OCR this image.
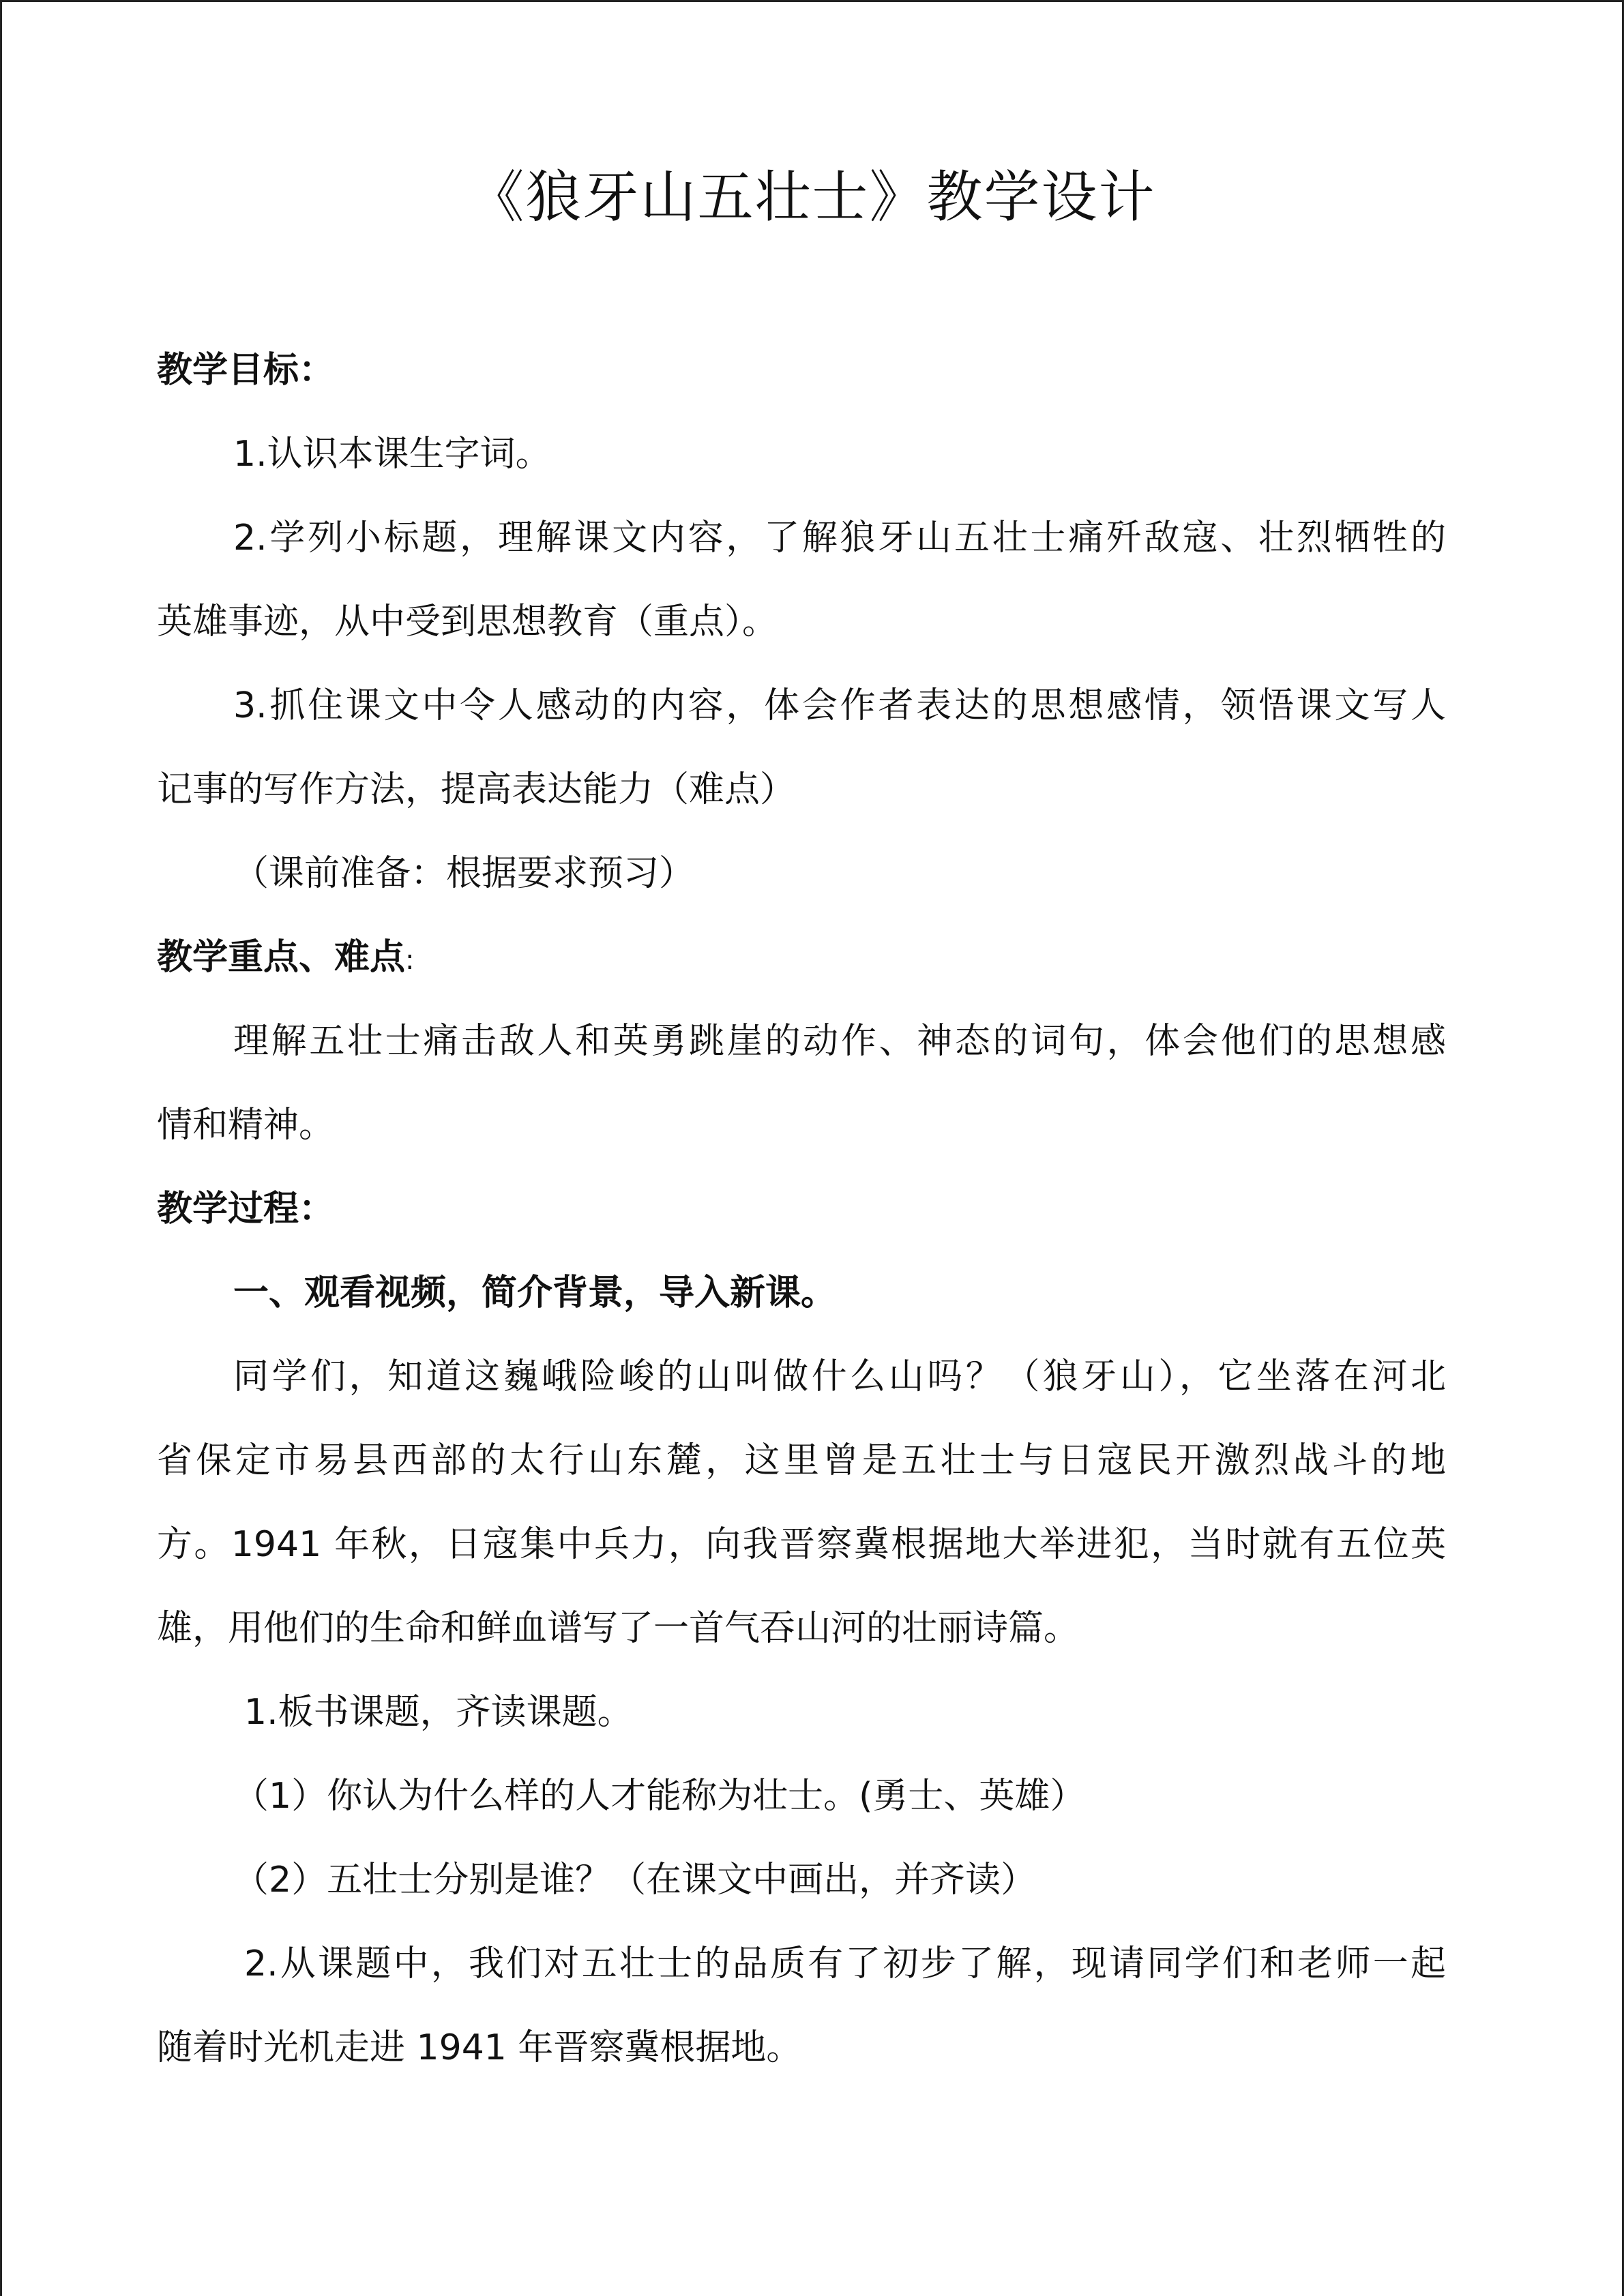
《狼牙山五壮士》教学设计
教学目标：
1.认识本课生字词。
2.学列小标题，理解课文内容，了解狼牙山五壮士痛歼敌寇、壮烈牺牲的
英雄事迹，从中受到思想教育（重点）。
3.抓住课文中令人感动的内容，体会作者表达的思想感情，领悟课文写人
记事的写作方法，提高表达能力（难点）
（课前准备：根据要求预习）
教学重点、难点:
理解五壮士痛击敌人和英勇跳崖的动作、神态的词句，体会他们的思想感
情和精神。
教学过程：
一、观看视频，简介背景，导入新课。
同学们，知道这巍峨险峻的山叫做什么山吗？（狼牙山），它坐落在河北
省保定市易县西部的太行山东麓，这里曾是五壮士与日寇民开激烈战斗的地
方。1941 年秋，日寇集中兵力，向我晋察冀根据地大举进犯，当时就有五位英
雄，用他们的生命和鲜血谱写了一首气吞山河的壮丽诗篇。
1.板书课题，齐读课题。
（1）你认为什么样的人才能称为壮士。(勇士、英雄）
（2）五壮士分别是谁？（在课文中画出，并齐读）
2.从课题中，我们对五壮士的品质有了初步了解，现请同学们和老师一起
随着时光机走进 1941 年晋察冀根据地。
